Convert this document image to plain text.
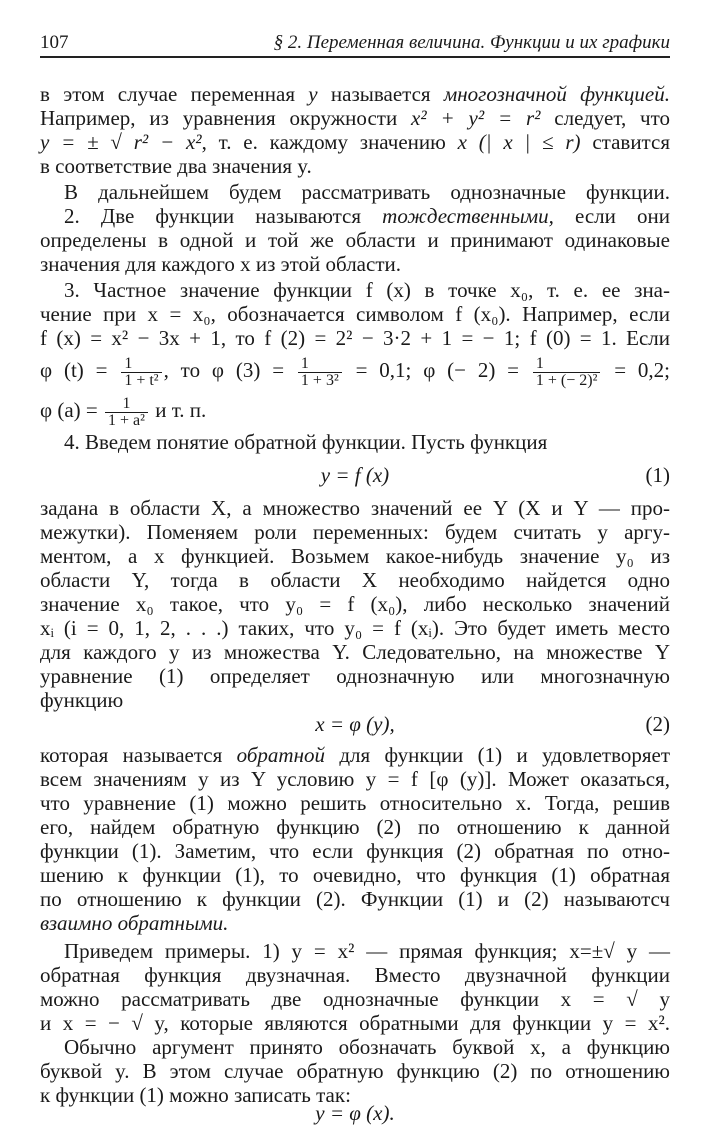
107	§ 2. Переменная величина. Функции и их графики
в этом случае переменная y называется многозначной функцией.
Например, из уравнения окружности x² + y² = r² следует, что
y = ± √ r² − x², т. е. каждому значению x (| x | ≤ r) ставится
в соответствие два значения y.
В дальнейшем будем рассматривать однозначные функции.
2. Две функции называются тождественными, если они
определены в одной и той же области и принимают одинаковые
значения для каждого x из этой области.
3. Частное значение функции f (x) в точке x₀, т. е. ее зна-
чение при x = x₀, обозначается символом f (x₀). Например, если
f (x) = x² − 3x + 1, то f (2) = 2² − 3·2 + 1 = − 1; f (0) = 1. Если
φ $(t) = \frac{1}{\text{1 + t²}}$ , то φ $(3) = \frac{1}{\text{1 + 3²}} = 0,1$; φ (− $2) = \frac{1}{\text{1 + (− 2)²}} = 0,2$;
φ $(a) = \frac{1}{\text{1 + a²}}$ и т. п.
4. Введем понятие обратной функции. Пусть функция
y = f (x)	(1)
задана в области X, а множество значений ее Y (X и Y — про-
межутки). Поменяем роли переменных: будем считать y аргу-
ментом, а x функцией. Возьмем какое-нибудь значение y₀ из
области Y, тогда в области X необходимо найдется одно
значение x₀ такое, что y₀ = f (x₀), либо несколько значений
xᵢ (i = 0, 1, 2, . . .) таких, что y₀ = f (xᵢ). Это будет иметь место
для каждого y из множества Y. Следовательно, на множестве Y
уравнение (1) определяет однозначную или многозначную
функцию
x = φ (y),	(2)
которая называется обратной для функции (1) и удовлетворяет
всем значениям y из Y условию y = f [φ (y)]. Может оказаться,
что уравнение (1) можно решить относительно x. Тогда, решив
его, найдем обратную функцию (2) по отношению к данной
функции (1). Заметим, что если функция (2) обратная по отно-
шению к функции (1), то очевидно, что функция (1) обратная
по отношению к функции (2). Функции (1) и (2) называютсч
взаимно обратными.
Приведем примеры. 1) y = x² — прямая функция; x=±√ y —
обратная функция двузначная. Вместо двузначной функции
можно рассматривать две однозначные функции x = √ y
и x = − √ y, которые являются обратными для функции y = x².
Обычно аргумент принято обозначать буквой x, а функцию
буквой y. В этом случае обратную функцию (2) по отношению
к функции (1) можно записать так:
y = φ (x).
